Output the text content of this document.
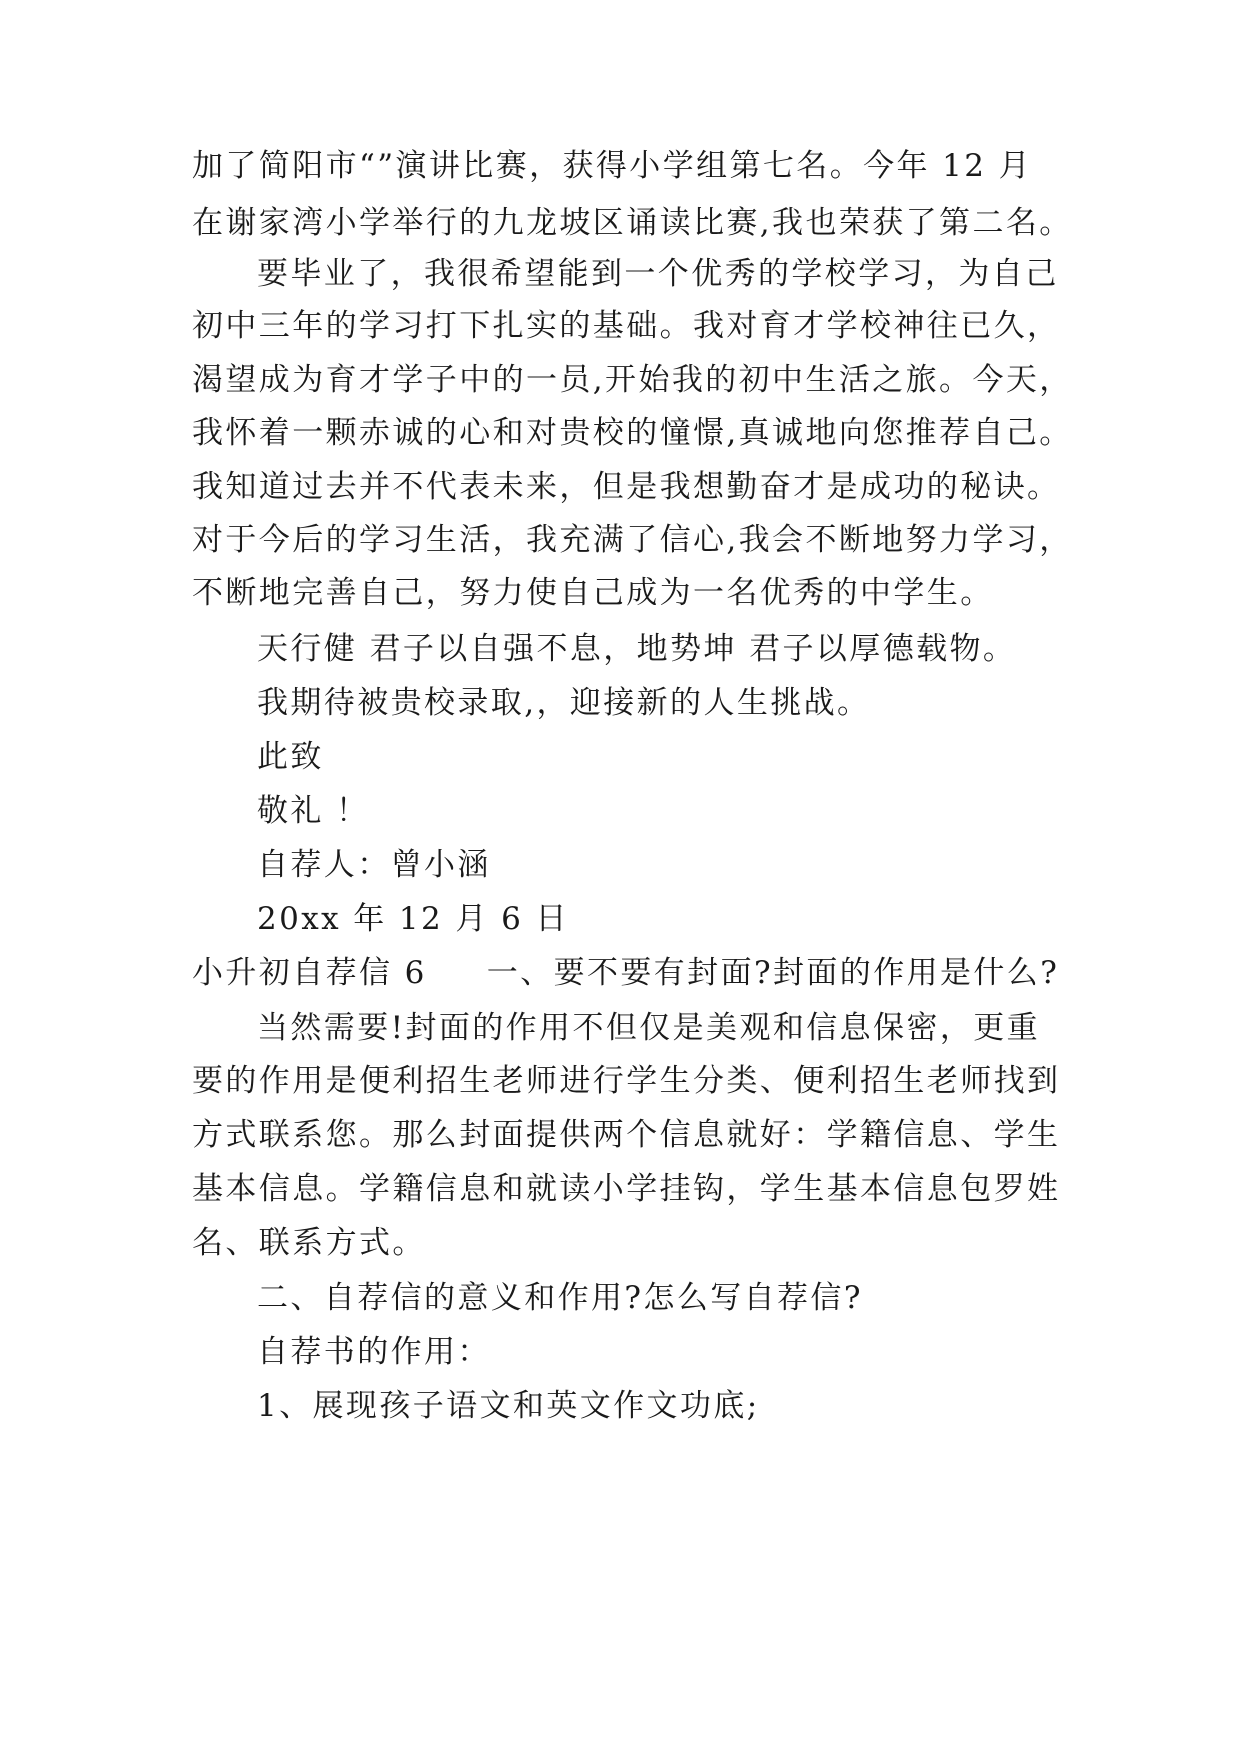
加了简阳市“”演讲比赛，获得小学组第七名。今年 12 月
在谢家湾小学举行的九龙坡区诵读比赛,我也荣获了第二名。
要毕业了，我很希望能到一个优秀的学校学习，为自己
初中三年的学习打下扎实的基础。我对育才学校神往已久，
渴望成为育才学子中的一员,开始我的初中生活之旅。今天，
我怀着一颗赤诚的心和对贵校的憧憬,真诚地向您推荐自己。
我知道过去并不代表未来，但是我想勤奋才是成功的秘诀。
对于今后的学习生活，我充满了信心,我会不断地努力学习，
不断地完善自己，努力使自己成为一名优秀的中学生。
天行健 君子以自强不息，地势坤 君子以厚德载物。
我期待被贵校录取,，迎接新的人生挑战。
此致
敬礼 ！
自荐人：曾小涵
20xx 年 12 月 6 日
小升初自荐信 6 一、要不要有封面?封面的作用是什么?
当然需要!封面的作用不但仅是美观和信息保密，更重
要的作用是便利招生老师进行学生分类、便利招生老师找到
方式联系您。那么封面提供两个信息就好：学籍信息、学生
基本信息。学籍信息和就读小学挂钩，学生基本信息包罗姓
名、联系方式。
二、自荐信的意义和作用?怎么写自荐信?
自荐书的作用：
1、展现孩子语文和英文作文功底;
